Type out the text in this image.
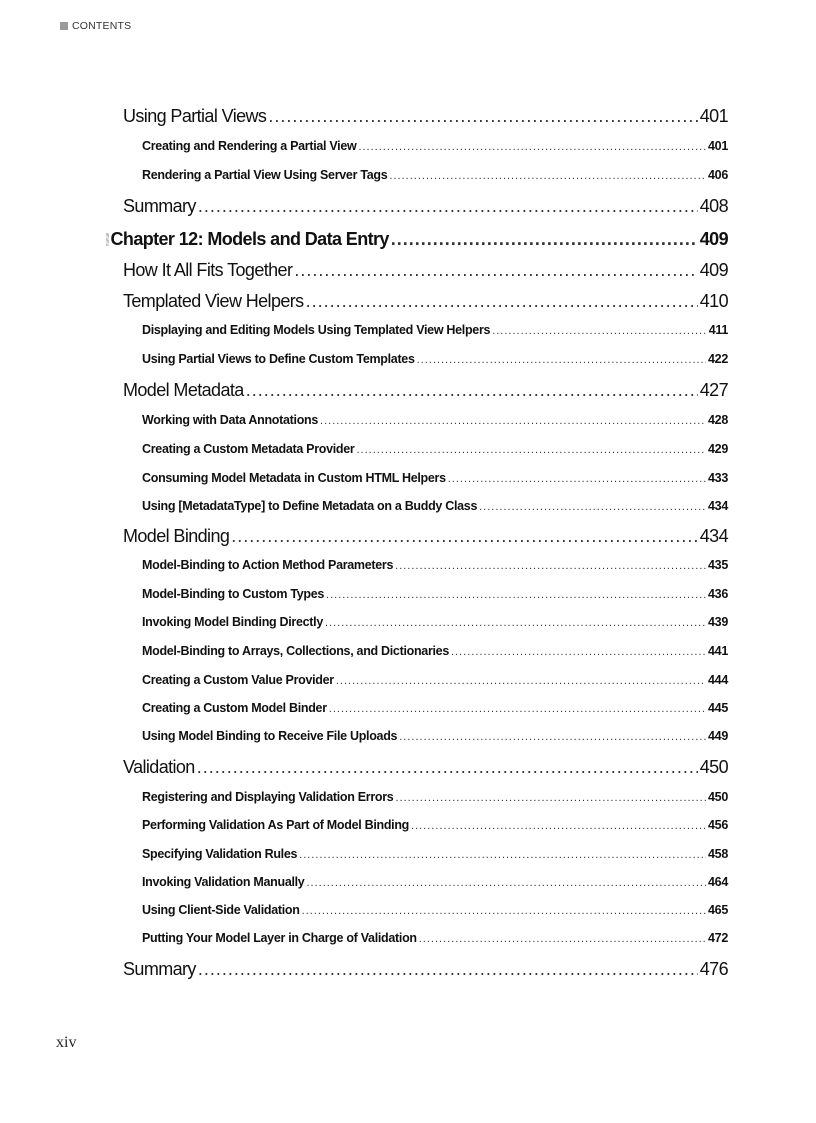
CONTENTS
Using Partial Views .....	401
Creating and Rendering a Partial View .....	401
Rendering a Partial View Using Server Tags .....	406
Summary .....	408
Chapter 12: Models and Data Entry .....	409
How It All Fits Together .....	409
Templated View Helpers .....	410
Displaying and Editing Models Using Templated View Helpers .....	411
Using Partial Views to Define Custom Templates .....	422
Model Metadata .....	427
Working with Data Annotations .....	428
Creating a Custom Metadata Provider .....	429
Consuming Model Metadata in Custom HTML Helpers .....	433
Using [MetadataType] to Define Metadata on a Buddy Class .....	434
Model Binding .....	434
Model-Binding to Action Method Parameters .....	435
Model-Binding to Custom Types .....	436
Invoking Model Binding Directly .....	439
Model-Binding to Arrays, Collections, and Dictionaries .....	441
Creating a Custom Value Provider .....	444
Creating a Custom Model Binder .....	445
Using Model Binding to Receive File Uploads .....	449
Validation .....	450
Registering and Displaying Validation Errors .....	450
Performing Validation As Part of Model Binding .....	456
Specifying Validation Rules .....	458
Invoking Validation Manually .....	464
Using Client-Side Validation .....	465
Putting Your Model Layer in Charge of Validation .....	472
Summary .....	476
xiv
